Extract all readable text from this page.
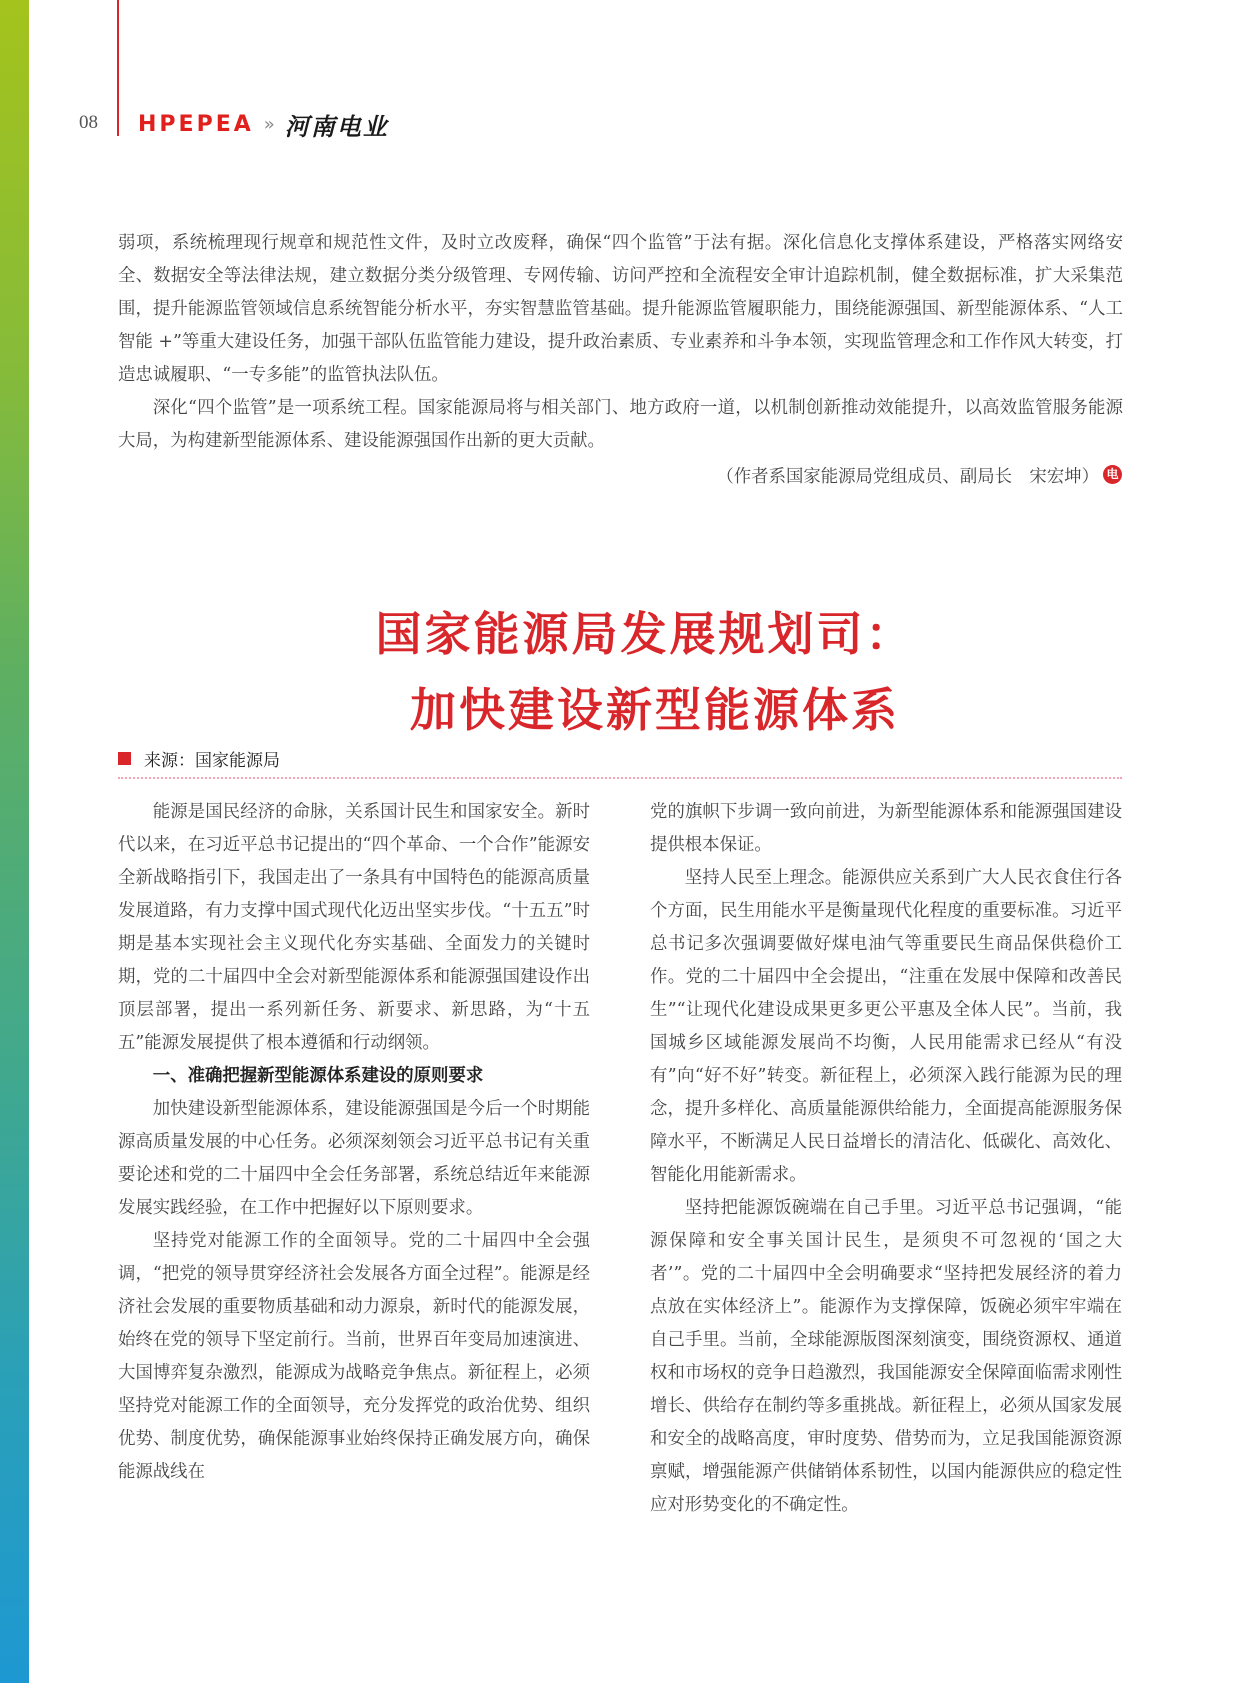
08 HPEPEA » 河南电业

弱项，系统梳理现行规章和规范性文件，及时立改废释，确保“四个监管”于法有据。深化信息化支撑体系建设，严格落实网络安全、数据安全等法律法规，建立数据分类分级管理、专网传输、访问严控和全流程安全审计追踪机制，健全数据标准，扩大采集范围，提升能源监管领域信息系统智能分析水平，夯实智慧监管基础。提升能源监管履职能力，围绕能源强国、新型能源体系、“人工智能 +”等重大建设任务，加强干部队伍监管能力建设，提升政治素质、专业素养和斗争本领，实现监管理念和工作作风大转变，打造忠诚履职、“一专多能”的监管执法队伍。

深化“四个监管”是一项系统工程。国家能源局将与相关部门、地方政府一道，以机制创新推动效能提升，以高效监管服务能源大局，为构建新型能源体系、建设能源强国作出新的更大贡献。

（作者系国家能源局党组成员、副局长　宋宏坤） 电
国家能源局发展规划司：
加快建设新型能源体系
来源：国家能源局

能源是国民经济的命脉，关系国计民生和国家安全。新时代以来，在习近平总书记提出的“四个革命、一个合作”能源安全新战略指引下，我国走出了一条具有中国特色的能源高质量发展道路，有力支撑中国式现代化迈出坚实步伐。“十五五”时期是基本实现社会主义现代化夯实基础、全面发力的关键时期，党的二十届四中全会对新型能源体系和能源强国建设作出顶层部署，提出一系列新任务、新要求、新思路，为“十五五”能源发展提供了根本遵循和行动纲领。

一、准确把握新型能源体系建设的原则要求

加快建设新型能源体系，建设能源强国是今后一个时期能源高质量发展的中心任务。必须深刻领会习近平总书记有关重要论述和党的二十届四中全会任务部署，系统总结近年来能源发展实践经验，在工作中把握好以下原则要求。

坚持党对能源工作的全面领导。党的二十届四中全会强调，“把党的领导贯穿经济社会发展各方面全过程”。能源是经济社会发展的重要物质基础和动力源泉，新时代的能源发展，始终在党的领导下坚定前行。当前，世界百年变局加速演进、大国博弈复杂激烈，能源成为战略竞争焦点。新征程上，必须坚持党对能源工作的全面领导，充分发挥党的政治优势、组织优势、制度优势，确保能源事业始终保持正确发展方向，确保能源战线在

党的旗帜下步调一致向前进，为新型能源体系和能源强国建设提供根本保证。

坚持人民至上理念。能源供应关系到广大人民衣食住行各个方面，民生用能水平是衡量现代化程度的重要标准。习近平总书记多次强调要做好煤电油气等重要民生商品保供稳价工作。党的二十届四中全会提出，“注重在发展中保障和改善民生”“让现代化建设成果更多更公平惠及全体人民”。当前，我国城乡区域能源发展尚不均衡，人民用能需求已经从“有没有”向“好不好”转变。新征程上，必须深入践行能源为民的理念，提升多样化、高质量能源供给能力，全面提高能源服务保障水平，不断满足人民日益增长的清洁化、低碳化、高效化、智能化用能新需求。

坚持把能源饭碗端在自己手里。习近平总书记强调，“能源保障和安全事关国计民生，是须臾不可忽视的‘国之大者’”。党的二十届四中全会明确要求“坚持把发展经济的着力点放在实体经济上”。能源作为支撑保障，饭碗必须牢牢端在自己手里。当前，全球能源版图深刻演变，围绕资源权、通道权和市场权的竞争日趋激烈，我国能源安全保障面临需求刚性增长、供给存在制约等多重挑战。新征程上，必须从国家发展和安全的战略高度，审时度势、借势而为，立足我国能源资源禀赋，增强能源产供储销体系韧性，以国内能源供应的稳定性应对形势变化的不确定性。
